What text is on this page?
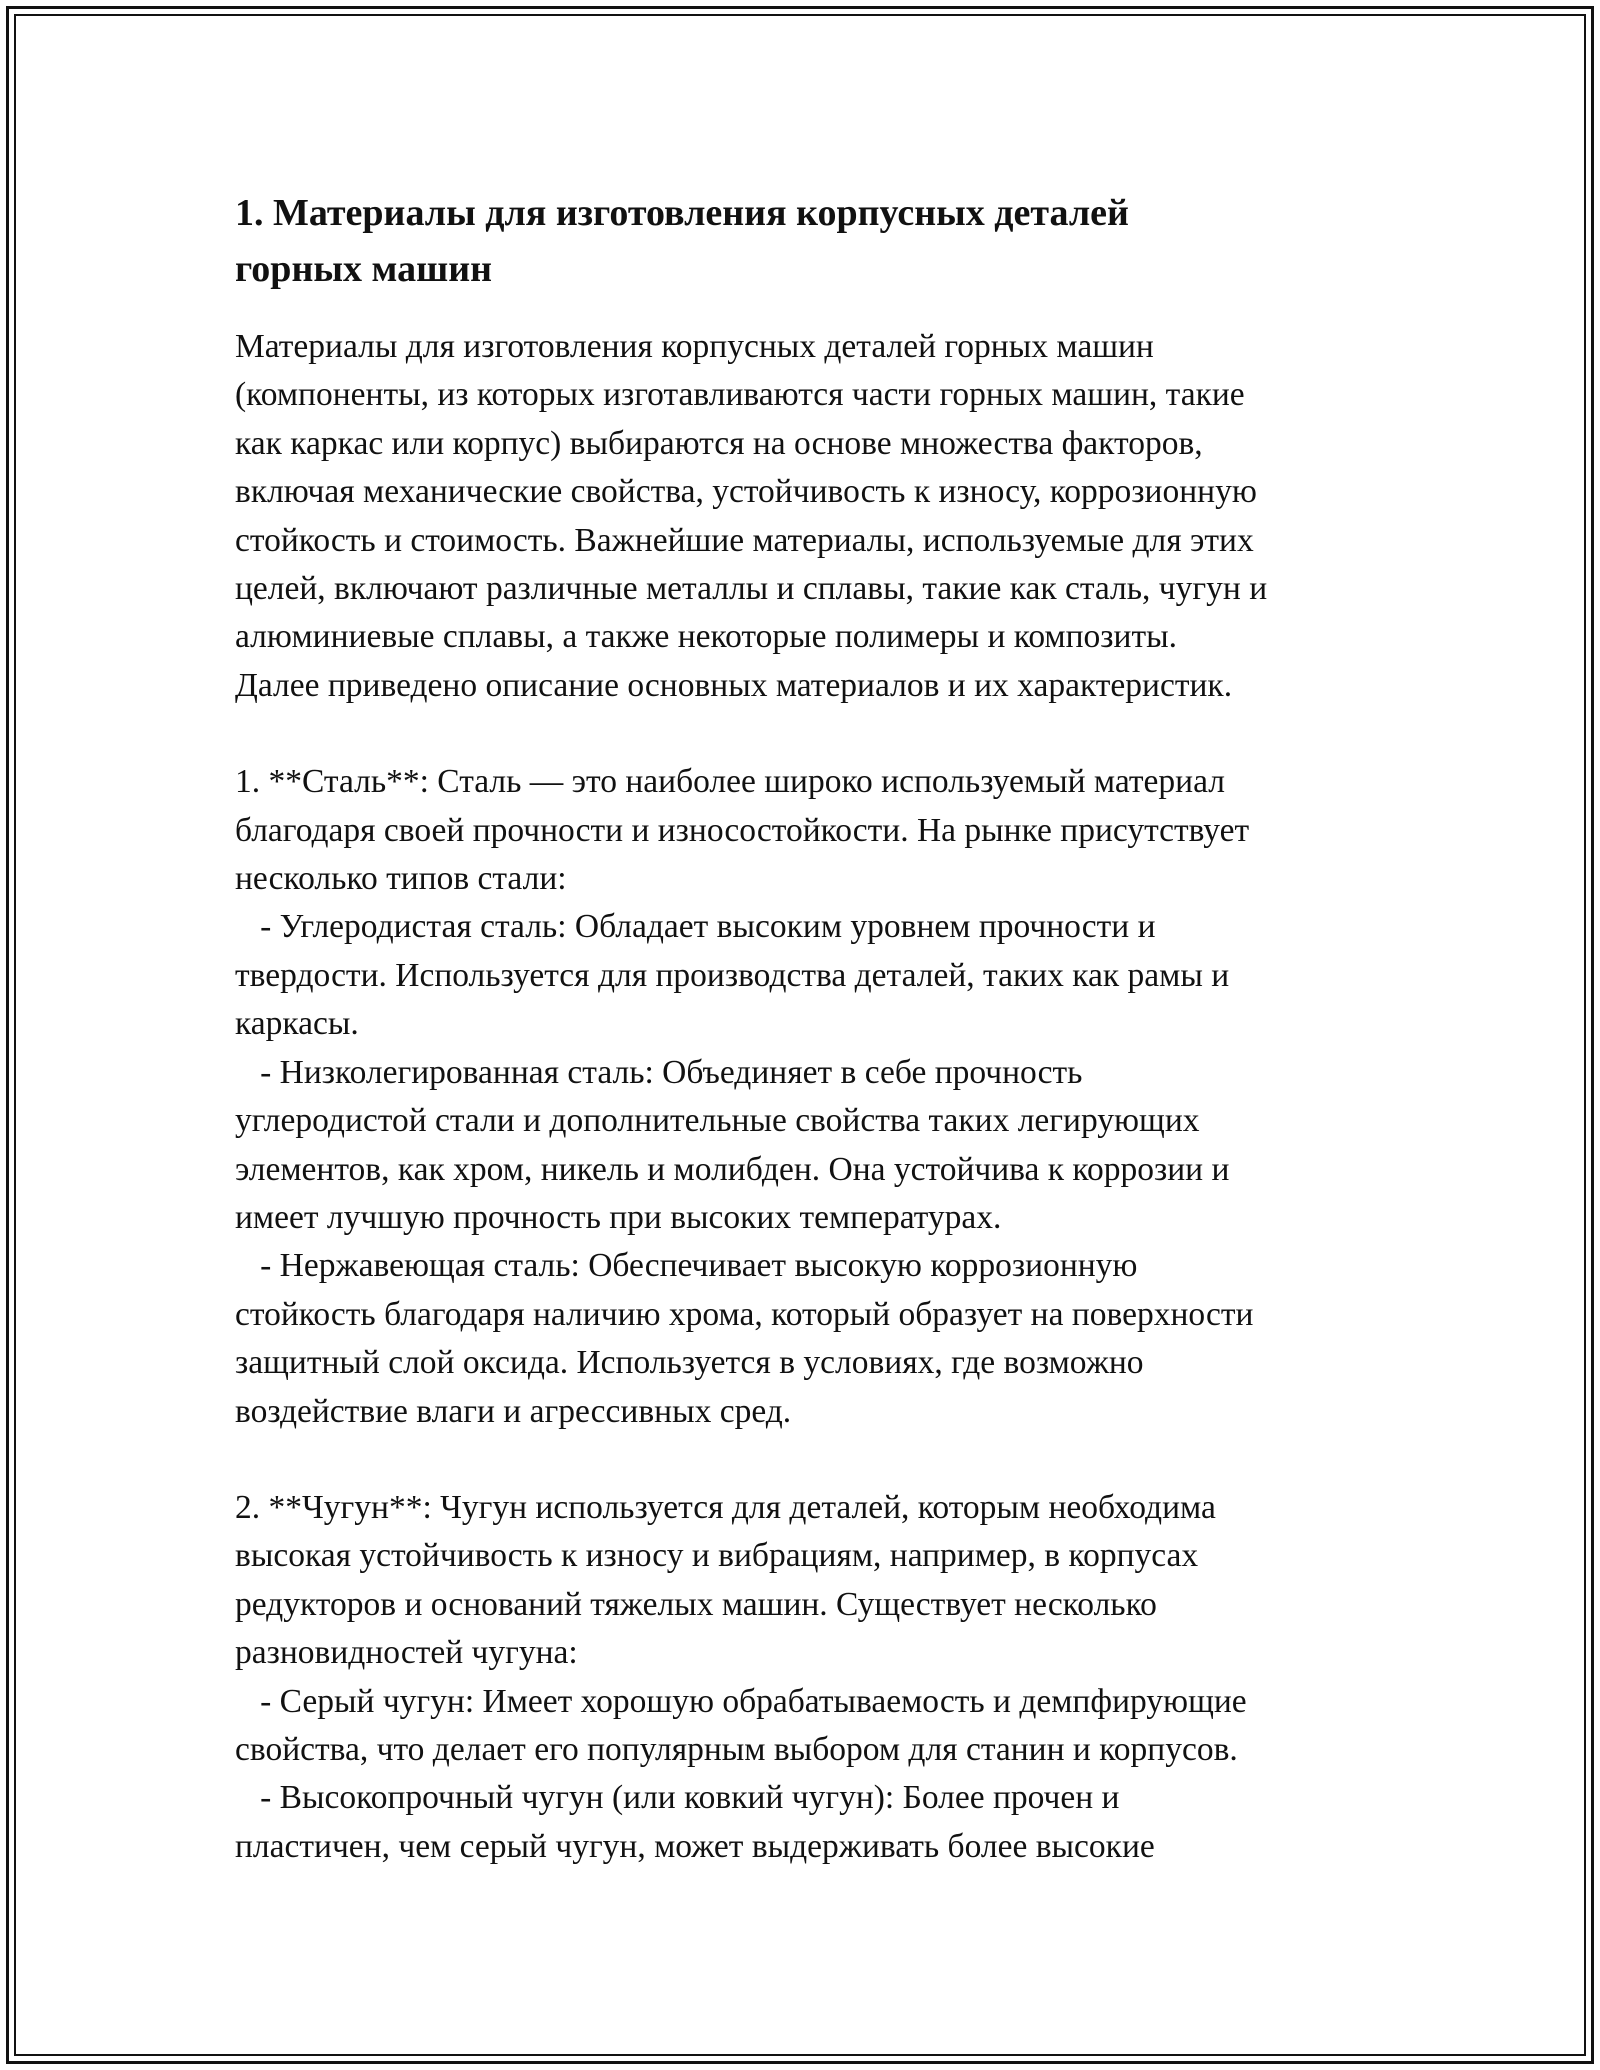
1. Материалы для изготовления корпусных деталей
горных машин

Материалы для изготовления корпусных деталей горных машин
(компоненты, из которых изготавливаются части горных машин, такие
как каркас или корпус) выбираются на основе множества факторов,
включая механические свойства, устойчивость к износу, коррозионную
стойкость и стоимость. Важнейшие материалы, используемые для этих
целей, включают различные металлы и сплавы, такие как сталь, чугун и
алюминиевые сплавы, а также некоторые полимеры и композиты.
Далее приведено описание основных материалов и их характеристик.

1. **Сталь**: Сталь — это наиболее широко используемый материал
благодаря своей прочности и износостойкости. На рынке присутствует
несколько типов стали:
- Углеродистая сталь: Обладает высоким уровнем прочности и
твердости. Используется для производства деталей, таких как рамы и
каркасы.
- Низколегированная сталь: Объединяет в себе прочность
углеродистой стали и дополнительные свойства таких легирующих
элементов, как хром, никель и молибден. Она устойчива к коррозии и
имеет лучшую прочность при высоких температурах.
- Нержавеющая сталь: Обеспечивает высокую коррозионную
стойкость благодаря наличию хрома, который образует на поверхности
защитный слой оксида. Используется в условиях, где возможно
воздействие влаги и агрессивных сред.

2. **Чугун**: Чугун используется для деталей, которым необходима
высокая устойчивость к износу и вибрациям, например, в корпусах
редукторов и оснований тяжелых машин. Существует несколько
разновидностей чугуна:
- Серый чугун: Имеет хорошую обрабатываемость и демпфирующие
свойства, что делает его популярным выбором для станин и корпусов.
- Высокопрочный чугун (или ковкий чугун): Более прочен и
пластичен, чем серый чугун, может выдерживать более высокие
